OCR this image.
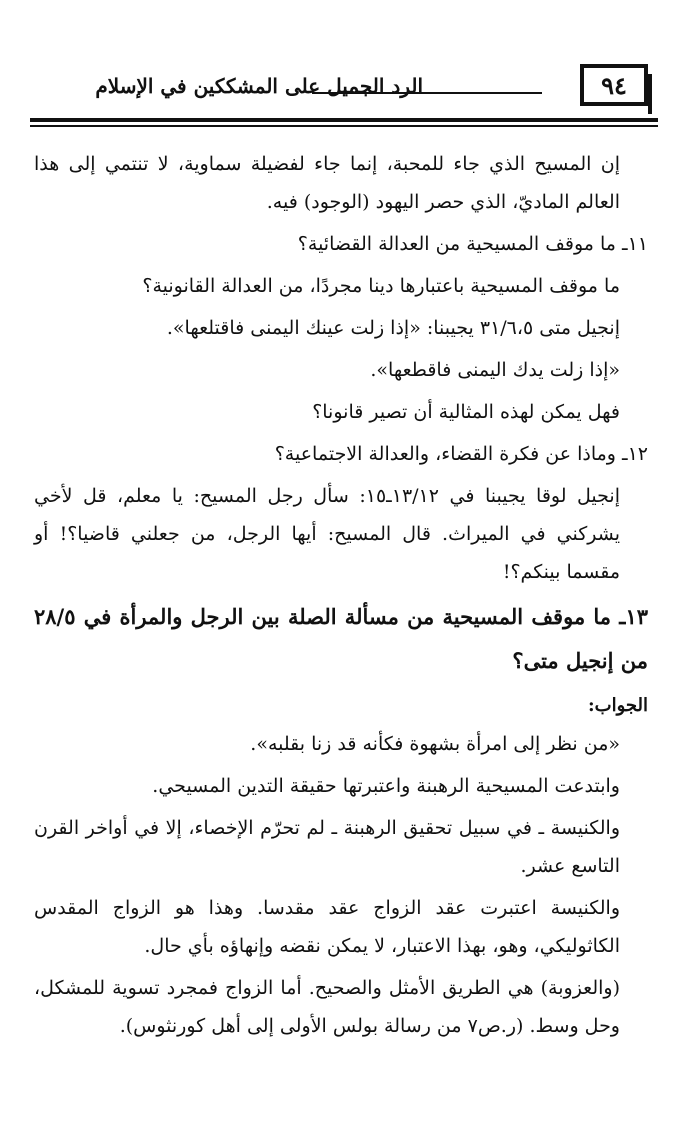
٩٤
الرد الجميل على المشككين في الإسلام

إن المسيح الذي جاء للمحبة، إنما جاء لفضيلة سماوية، لا تنتمي إلى هذا العالم الماديّ، الذي حصر اليهود (الوجود) فيه.

١١ـ ما موقف المسيحية من العدالة القضائية؟

ما موقف المسيحية باعتبارها دينا مجردًا، من العدالة القانونية؟

إنجيل متى ٣١/٦،٥ يجيبنا: «إذا زلت عينك اليمنى فاقتلعها».

«إذا زلت يدك اليمنى فاقطعها».

فهل يمكن لهذه المثالية أن تصير قانونا؟

١٢ـ وماذا عن فكرة القضاء، والعدالة الاجتماعية؟

إنجيل لوقا يجيبنا في ١٣/١٢ـ١٥: سأل رجل المسيح: يا معلم، قل لأخي يشركني في الميراث. قال المسيح: أيها الرجل، من جعلني قاضيا؟! أو مقسما بينكم؟!

١٣ـ ما موقف المسيحية من مسألة الصلة بين الرجل والمرأة في ٢٨/٥ من إنجيل متى؟

الجواب:

«من نظر إلى امرأة بشهوة فكأنه قد زنا بقلبه».

وابتدعت المسيحية الرهبنة واعتبرتها حقيقة التدين المسيحي.

والكنيسة ـ في سبيل تحقيق الرهبنة ـ لم تحرّم الإخصاء، إلا في أواخر القرن التاسع عشر.

والكنيسة اعتبرت عقد الزواج عقد مقدسا. وهذا هو الزواج المقدس الكاثوليكي، وهو، بهذا الاعتبار، لا يمكن نقضه وإنهاؤه بأي حال.

(والعزوبة) هي الطريق الأمثل والصحيح. أما الزواج فمجرد تسوية للمشكل، وحل وسط. (ر.ص٧ من رسالة بولس الأولى إلى أهل كورنثوس).
